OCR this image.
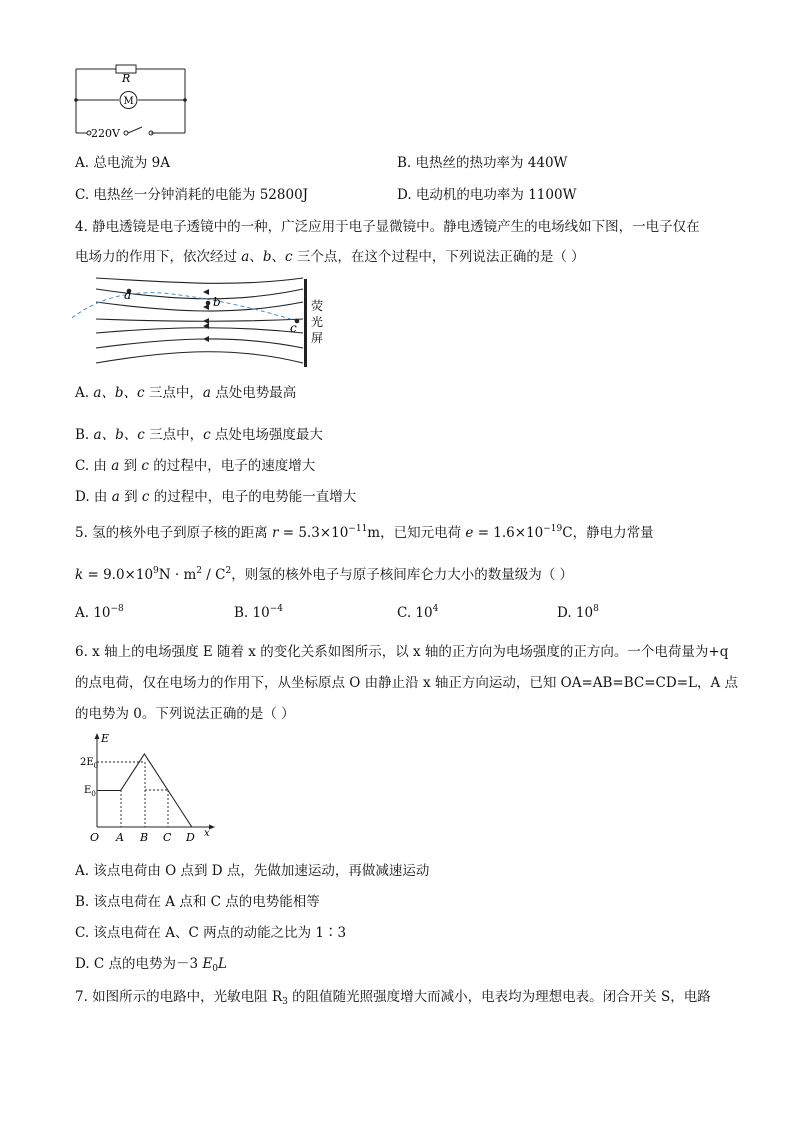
R
M
220V
A. 总电流为 9A	B. 电热丝的热功率为 440W
C. 电热丝一分钟消耗的电能为 52800J	D. 电动机的电功率为 1100W
4. 静电透镜是电子透镜中的一种，广泛应用于电子显微镜中。静电透镜产生的电场线如下图，一电子仅在
电场力的作用下，依次经过 a、b、c 三个点，在这个过程中，下列说法正确的是（ ）
a	b
c
荧
光
屏
A. a、b、c 三点中，a 点处电势最高
B. a、b、c 三点中，c 点处电场强度最大
C. 由 a 到 c 的过程中，电子的速度增大
D. 由 a 到 c 的过程中，电子的电势能一直增大
5. 氢的核外电子到原子核的距离 $r = 5.3\times 10^{-11}m$，已知元电荷 $e = 1.6\times 10^{-19}C$，静电力常量
$k = 9.0\times 10^9N \cdot m^2 / C^2$，则氢的核外电子与原子核间库仑力大小的数量级为（ ）
A. $10^{-8}$	B. $10^{-4}$	C. $10^4$	D. $10^8$
6. x 轴上的电场强度 E 随着 x 的变化关系如图所示，以 x 轴的正方向为电场强度的正方向。一个电荷量为+q
的点电荷，仅在电场力的作用下，从坐标原点 O 由静止沿 x 轴正方向运动，已知 OA=AB=BC=CD=L，A 点
的电势为 0。下列说法正确的是（ ）
E
x
$2E_0$
$E_0$
O A B C D
A. 该点电荷由 O 点到 D 点，先做加速运动，再做减速运动
B. 该点电荷在 A 点和 C 点的电势能相等
C. 该点电荷在 A、C 两点的动能之比为 1∶3
D. C 点的电势为－3 $E_0L$
7. 如图所示的电路中，光敏电阻 $R_3$ 的阻值随光照强度增大而减小，电表均为理想电表。闭合开关 S，电路
